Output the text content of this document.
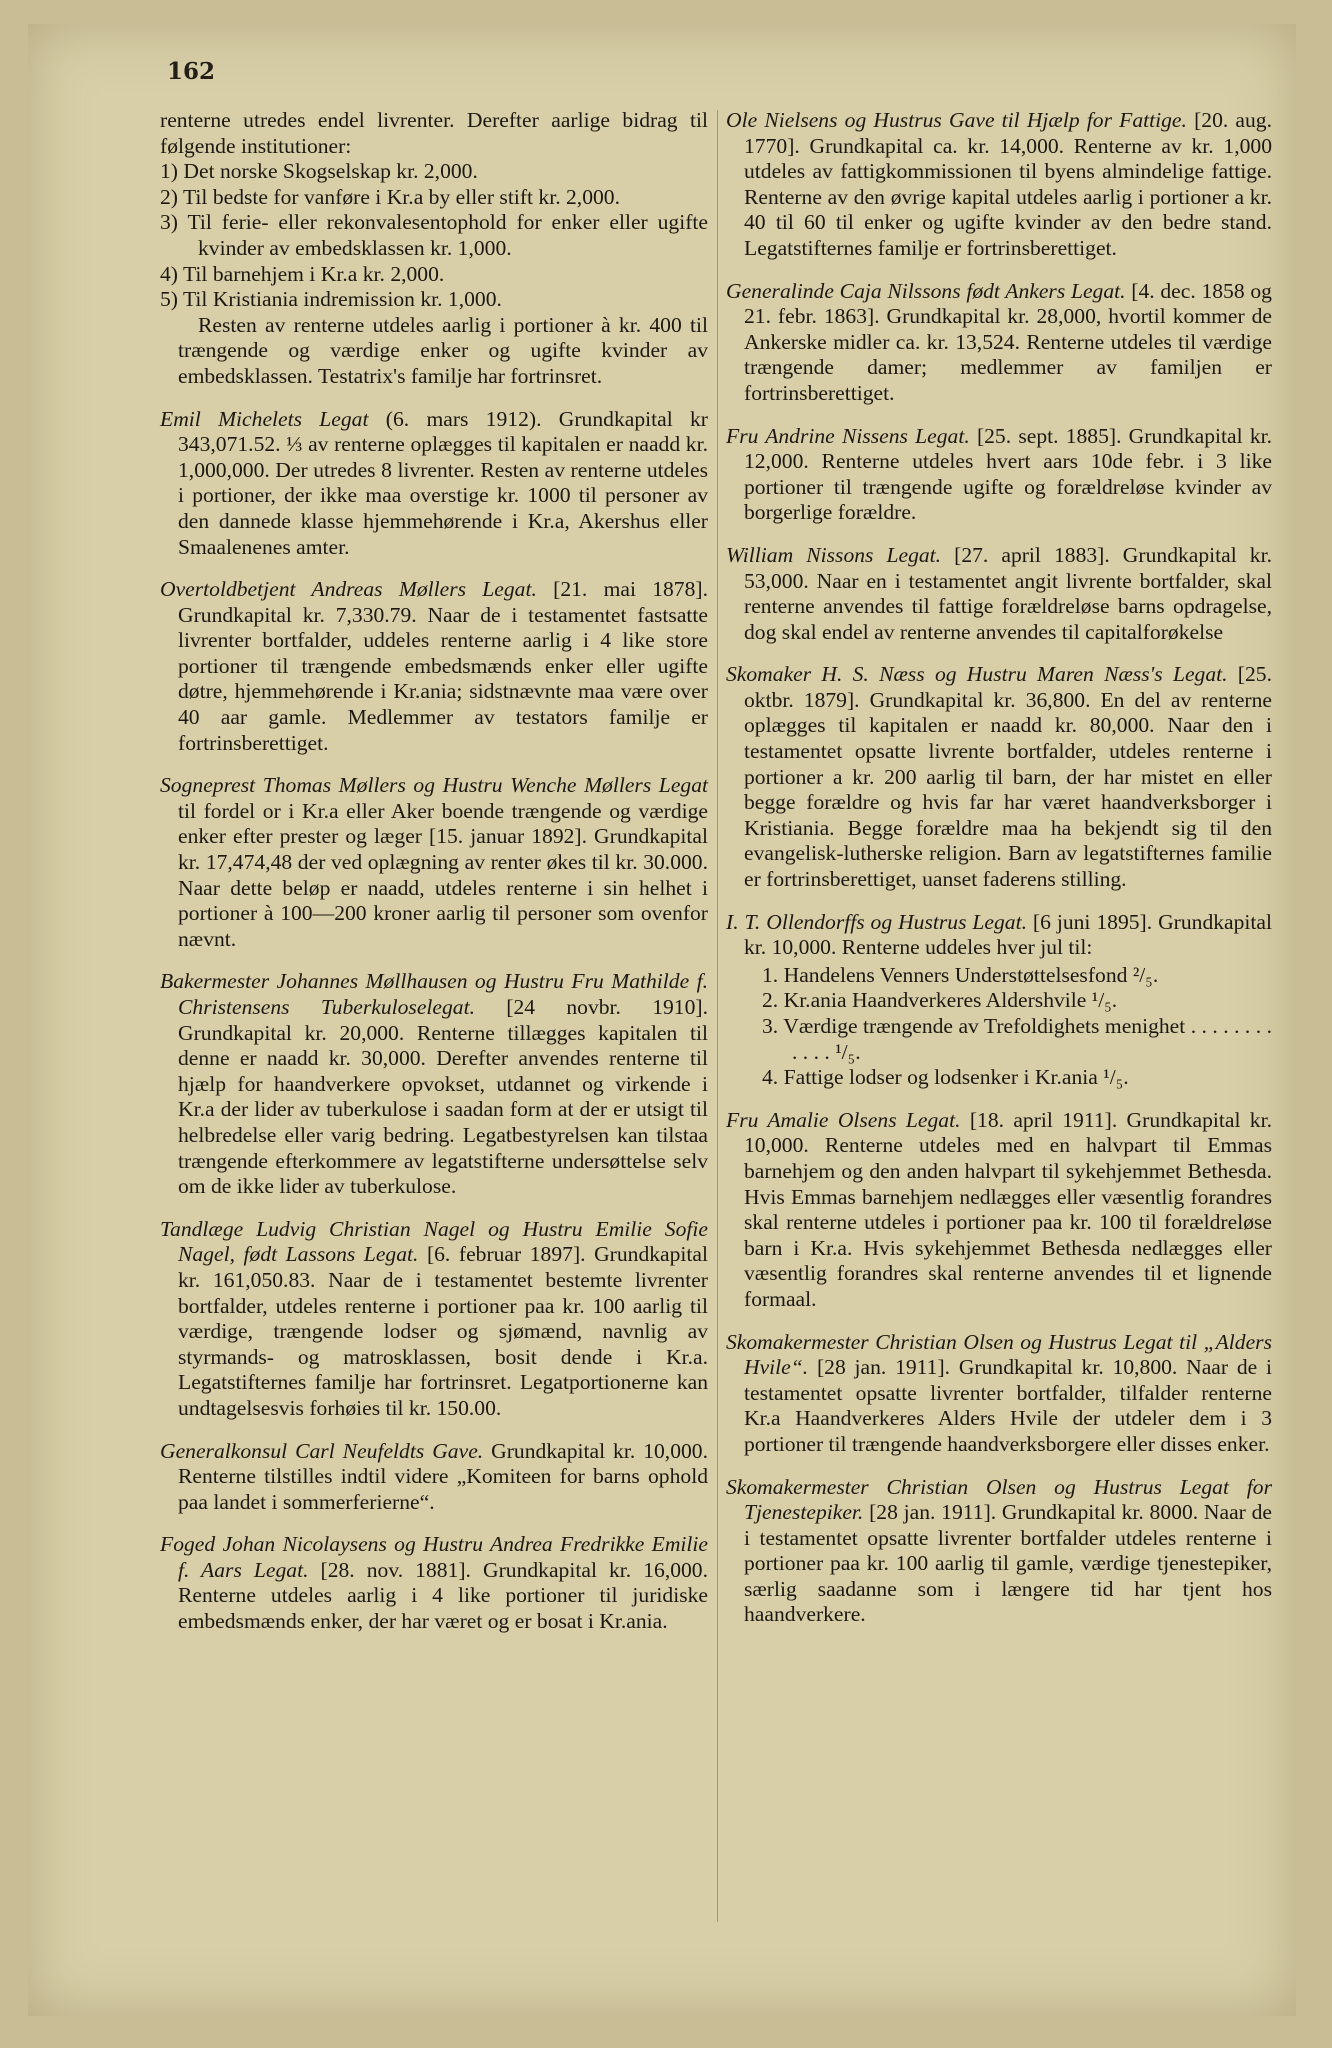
162

renterne utredes endel livrenter. Derefter aarlige bidrag til følgende institutioner:

1) Det norske Skogselskap kr. 2,000.
2) Til bedste for vanføre i Kr.a by eller stift kr. 2,000.
3) Til ferie- eller rekonvalesentophold for enker eller ugifte kvinder av embedsklassen kr. 1,000.
4) Til barnehjem i Kr.a kr. 2,000.
5) Til Kristiania indremission kr. 1,000.

Resten av renterne utdeles aarlig i portioner à kr. 400 til trængende og værdige enker og ugifte kvinder av embedsklassen. Testatrix's familje har fortrinsret.

Emil Michelets Legat (6. mars 1912). Grundkapital kr 343,071.52. ⅓ av renterne oplægges til kapitalen er naadd kr. 1,000,000. Der utredes 8 livrenter. Resten av renterne utdeles i portioner, der ikke maa overstige kr. 1000 til personer av den dannede klasse hjemmehørende i Kr.a, Akershus eller Smaalenenes amter.

Overtoldbetjent Andreas Møllers Legat. [21. mai 1878]. Grundkapital kr. 7,330.79. Naar de i testamentet fastsatte livrenter bortfalder, uddeles renterne aarlig i 4 like store portioner til trængende embedsmænds enker eller ugifte døtre, hjemmehørende i Kr.ania; sidstnævnte maa være over 40 aar gamle. Medlemmer av testators familje er fortrinsberettiget.

Sogneprest Thomas Møllers og Hustru Wenche Møllers Legat til fordel or i Kr.a eller Aker boende trængende og værdige enker efter prester og læger [15. januar 1892]. Grundkapital kr. 17,474,48 der ved oplægning av renter økes til kr. 30.000. Naar dette beløp er naadd, utdeles renterne i sin helhet i portioner à 100—200 kroner aarlig til personer som ovenfor nævnt.

Bakermester Johannes Møllhausen og Hustru Fru Mathilde f. Christensens Tuberkuloselegat. [24 novbr. 1910]. Grundkapital kr. 20,000. Renterne tillægges kapitalen til denne er naadd kr. 30,000. Derefter anvendes renterne til hjælp for haandverkere opvokset, utdannet og virkende i Kr.a der lider av tuberkulose i saadan form at der er utsigt til helbredelse eller varig bedring. Legatbestyrelsen kan tilstaa trængende efterkommere av legatstifterne undersøttelse selv om de ikke lider av tuberkulose.

Tandlæge Ludvig Christian Nagel og Hustru Emilie Sofie Nagel, født Lassons Legat. [6. februar 1897]. Grundkapital kr. 161,050.83. Naar de i testamentet bestemte livrenter bortfalder, utdeles renterne i portioner paa kr. 100 aarlig til værdige, trængende lodser og sjømænd, navnlig av styrmands- og matrosklassen, bosit dende i Kr.a. Legatstifternes familje har fortrinsret. Legatportionerne kan undtagelsesvis forhøies til kr. 150.00.

Generalkonsul Carl Neufeldts Gave. Grundkapital kr. 10,000. Renterne tilstilles indtil videre „Komiteen for barns ophold paa landet i sommerferierne“.

Foged Johan Nicolaysens og Hustru Andrea Fredrikke Emilie f. Aars Legat. [28. nov. 1881]. Grundkapital kr. 16,000. Renterne utdeles aarlig i 4 like portioner til juridiske embedsmænds enker, der har været og er bosat i Kr.ania.

Ole Nielsens og Hustrus Gave til Hjælp for Fattige. [20. aug. 1770]. Grundkapital ca. kr. 14,000. Renterne av kr. 1,000 utdeles av fattigkommissionen til byens almindelige fattige. Renterne av den øvrige kapital utdeles aarlig i portioner a kr. 40 til 60 til enker og ugifte kvinder av den bedre stand. Legatstifternes familje er fortrinsberettiget.

Generalinde Caja Nilssons født Ankers Legat. [4. dec. 1858 og 21. febr. 1863]. Grundkapital kr. 28,000, hvortil kommer de Ankerske midler ca. kr. 13,524. Renterne utdeles til værdige trængende damer; medlemmer av familjen er fortrinsberettiget.

Fru Andrine Nissens Legat. [25. sept. 1885]. Grundkapital kr. 12,000. Renterne utdeles hvert aars 10de febr. i 3 like portioner til trængende ugifte og forældreløse kvinder av borgerlige forældre.

William Nissons Legat. [27. april 1883]. Grundkapital kr. 53,000. Naar en i testamentet angit livrente bortfalder, skal renterne anvendes til fattige forældreløse barns opdragelse, dog skal endel av renterne anvendes til capitalforøkelse

Skomaker H. S. Næss og Hustru Maren Næss's Legat. [25. oktbr. 1879]. Grundkapital kr. 36,800. En del av renterne oplægges til kapitalen er naadd kr. 80,000. Naar den i testamentet opsatte livrente bortfalder, utdeles renterne i portioner a kr. 200 aarlig til barn, der har mistet en eller begge forældre og hvis far har været haandverksborger i Kristiania. Begge forældre maa ha bekjendt sig til den evangelisk-lutherske religion. Barn av legatstifternes familie er fortrinsberettiget, uanset faderens stilling.

I. T. Ollendorffs og Hustrus Legat. [6 juni 1895]. Grundkapital kr. 10,000. Renterne uddeles hver jul til:

1. Handelens Venners Understøttelsesfond ²/₅.
2. Kr.ania Haandverkeres Aldershvile ¹/₅.
3. Værdige trængende av Trefoldighets menighet . . . . . . . . . . . . ¹/₅.
4. Fattige lodser og lodsenker i Kr.ania ¹/₅.

Fru Amalie Olsens Legat. [18. april 1911]. Grundkapital kr. 10,000. Renterne utdeles med en halvpart til Emmas barnehjem og den anden halvpart til sykehjemmet Bethesda. Hvis Emmas barnehjem nedlægges eller væsentlig forandres skal renterne utdeles i portioner paa kr. 100 til forældreløse barn i Kr.a. Hvis sykehjemmet Bethesda nedlægges eller væsentlig forandres skal renterne anvendes til et lignende formaal.

Skomakermester Christian Olsen og Hustrus Legat til „Alders Hvile“. [28 jan. 1911]. Grundkapital kr. 10,800. Naar de i testamentet opsatte livrenter bortfalder, tilfalder renterne Kr.a Haandverkeres Alders Hvile der utdeler dem i 3 portioner til trængende haandverksborgere eller disses enker.

Skomakermester Christian Olsen og Hustrus Legat for Tjenestepiker. [28 jan. 1911]. Grundkapital kr. 8000. Naar de i testamentet opsatte livrenter bortfalder utdeles renterne i portioner paa kr. 100 aarlig til gamle, værdige tjenestepiker, særlig saadanne som i længere tid har tjent hos haandverkere.
